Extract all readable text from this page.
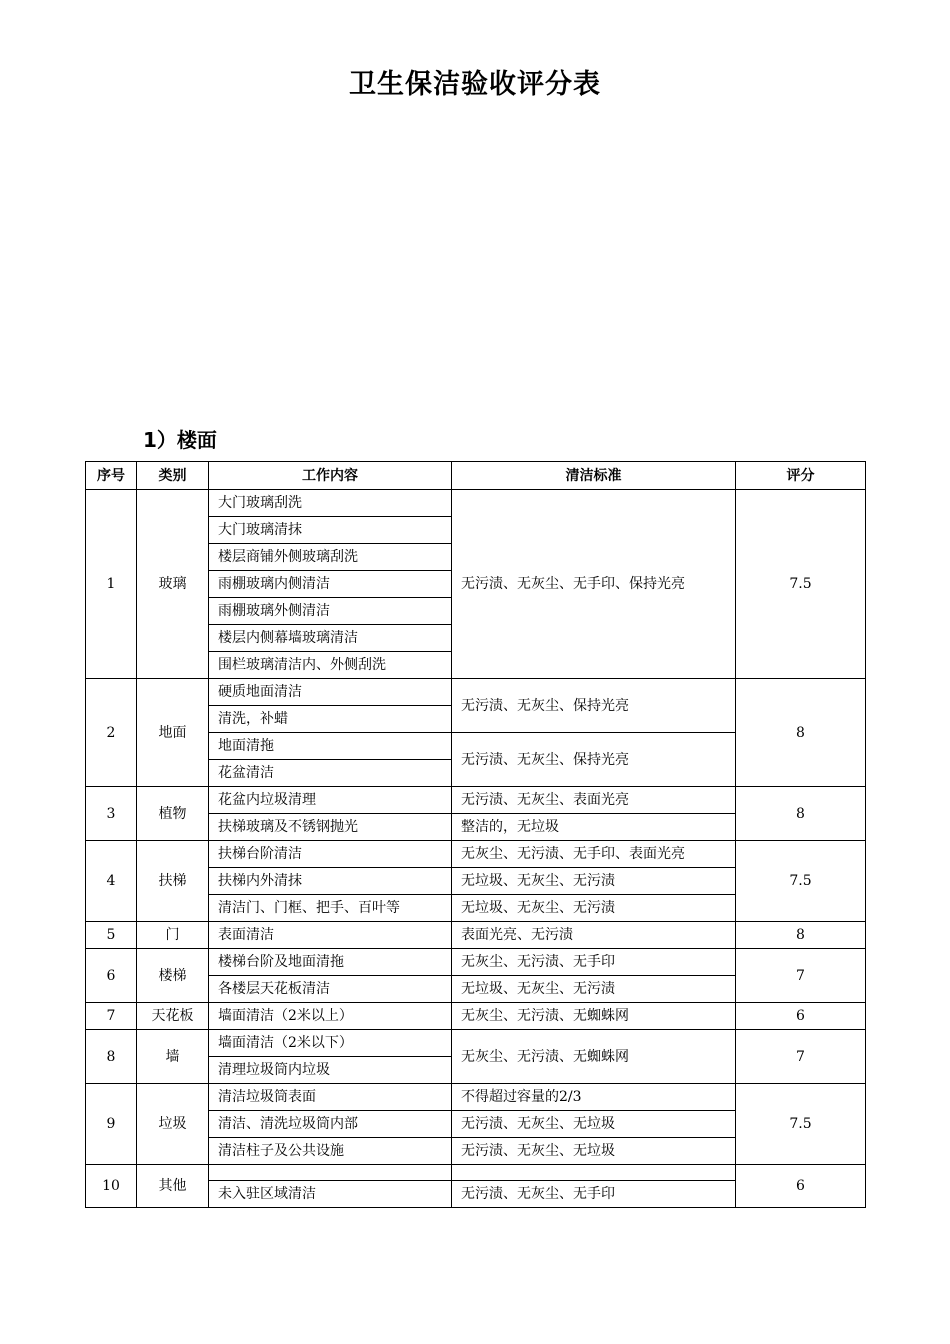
卫生保洁验收评分表
1）楼面
序号	类别	工作内容	清洁标准	评分
1	玻璃	大门玻璃刮洗	无污渍、无灰尘、无手印、保持光亮	7.5
		大门玻璃清抹		
		楼层商铺外侧玻璃刮洗		
		雨棚玻璃内侧清洁		
		雨棚玻璃外侧清洁		
		楼层内侧幕墙玻璃清洁		
		围栏玻璃清洁内、外侧刮洗		
2	地面	硬质地面清洁	无污渍、无灰尘、保持光亮	8
		清洗，补蜡		
		地面清拖	无污渍、无灰尘、保持光亮	
		花盆清洁		
3	植物	花盆内垃圾清理	无污渍、无灰尘、表面光亮	8
		扶梯玻璃及不锈钢抛光	整洁的，无垃圾	
4	扶梯	扶梯台阶清洁	无灰尘、无污渍、无手印、表面光亮	7.5
		扶梯内外清抹	无垃圾、无灰尘、无污渍	
		清洁门、门框、把手、百叶等	无垃圾、无灰尘、无污渍	
5	门	表面清洁	表面光亮、无污渍	8
6	楼梯	楼梯台阶及地面清拖	无灰尘、无污渍、无手印	7
		各楼层天花板清洁	无垃圾、无灰尘、无污渍	
7	天花板	墙面清洁（2米以上）	无灰尘、无污渍、无蜘蛛网	6
8	墙	墙面清洁（2米以下）	无灰尘、无污渍、无蜘蛛网	7
		清理垃圾筒内垃圾		
9	垃圾	清洁垃圾筒表面	不得超过容量的2/3	7.5
		清洁、清洗垃圾筒内部	无污渍、无灰尘、无垃圾	
		清洁柱子及公共设施	无污渍、无灰尘、无垃圾	
10	其他			6
		未入驻区域清洁	无污渍、无灰尘、无手印	
